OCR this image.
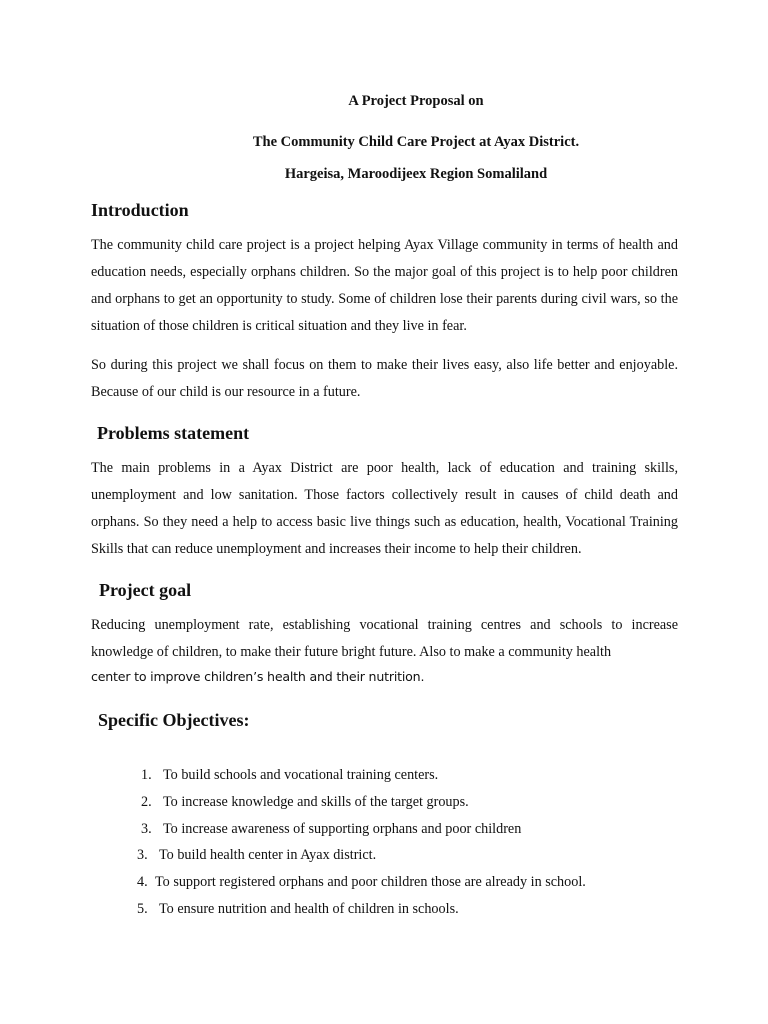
A Project Proposal on
The Community Child Care Project at Ayax District.
Hargeisa, Maroodijeex Region Somaliland
Introduction

The community child care project is a project helping Ayax Village community in terms of health and education needs, especially orphans children. So the major goal of this project is to help poor children and orphans to get an opportunity to study. Some of children lose their parents during civil wars, so the situation of those children is critical situation and they live in fear.

So during this project we shall focus on them to make their lives easy, also life better and enjoyable. Because of our child is our resource in a future.

Problems statement

The main problems in a Ayax District are poor health, lack of education and training skills, unemployment and low sanitation. Those factors collectively result in causes of child death and orphans. So they need a help to access basic live things such as education, health, Vocational Training Skills that can reduce unemployment and increases their income to help their children.

Project goal

Reducing unemployment rate, establishing vocational training centres and schools to increase knowledge of children, to make their future bright future. Also to make a community health

center to improve children’s health and their nutrition.
Specific Objectives:
1. To build schools and vocational training centers.
2. To increase knowledge and skills of the target groups.
3. To increase awareness of supporting orphans and poor children
3. To build health center in Ayax district.
4. To support registered orphans and poor children those are already in school.
5. To ensure nutrition and health of children in schools.
